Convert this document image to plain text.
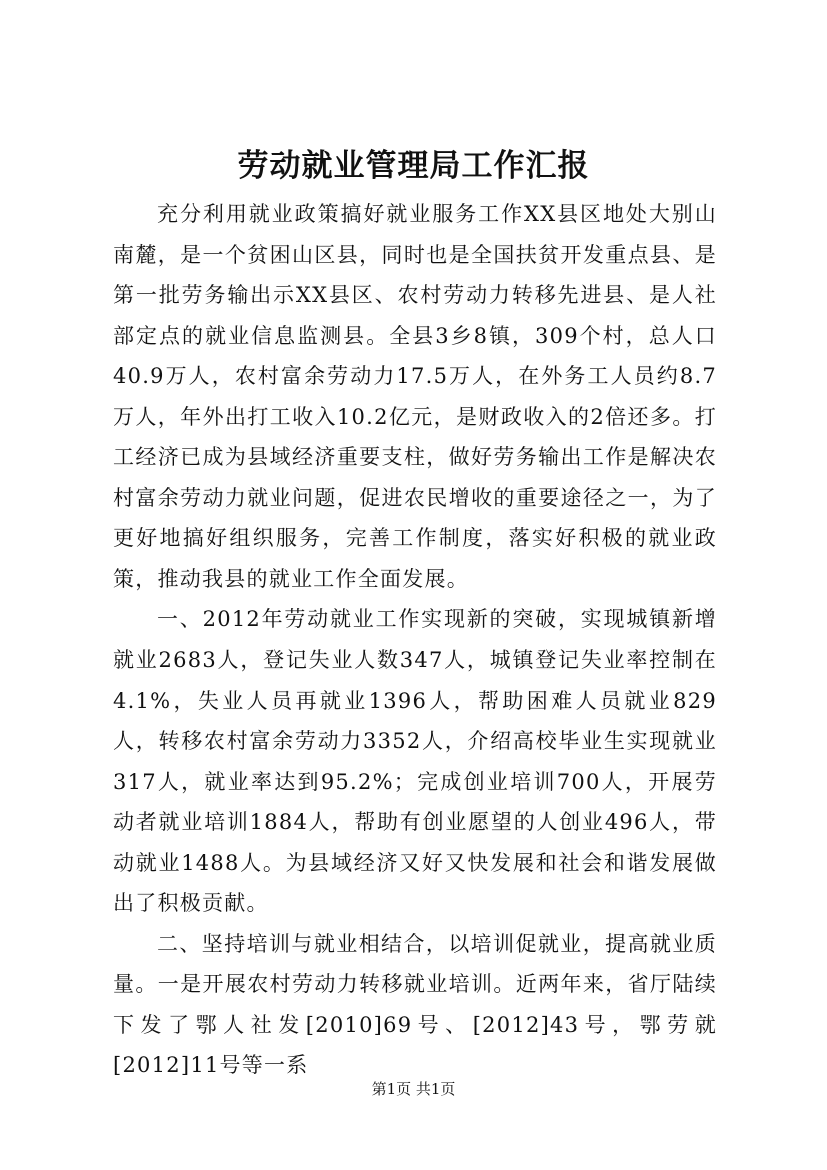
劳动就业管理局工作汇报

充分利用就业政策搞好就业服务工作XX县区地处大别山南麓，是一个贫困山区县，同时也是全国扶贫开发重点县、是第一批劳务输出示XX县区、农村劳动力转移先进县、是人社部定点的就业信息监测县。全县3乡8镇，309个村，总人口40.9万人，农村富余劳动力17.5万人，在外务工人员约8.7万人，年外出打工收入10.2亿元，是财政收入的2倍还多。打工经济已成为县域经济重要支柱，做好劳务输出工作是解决农村富余劳动力就业问题，促进农民增收的重要途径之一，为了更好地搞好组织服务，完善工作制度，落实好积极的就业政策，推动我县的就业工作全面发展。

一、2012年劳动就业工作实现新的突破，实现城镇新增就业2683人，登记失业人数347人，城镇登记失业率控制在4.1%，失业人员再就业1396人，帮助困难人员就业829人，转移农村富余劳动力3352人，介绍高校毕业生实现就业317人，就业率达到95.2%；完成创业培训700人，开展劳动者就业培训1884人，帮助有创业愿望的人创业496人，带动就业1488人。为县域经济又好又快发展和社会和谐发展做出了积极贡献。

二、坚持培训与就业相结合，以培训促就业，提高就业质量。一是开展农村劳动力转移就业培训。近两年来，省厅陆续下发了鄂人社发[2010]69号、[2012]43号，鄂劳就[2012]11号等一系

第1页 共1页
